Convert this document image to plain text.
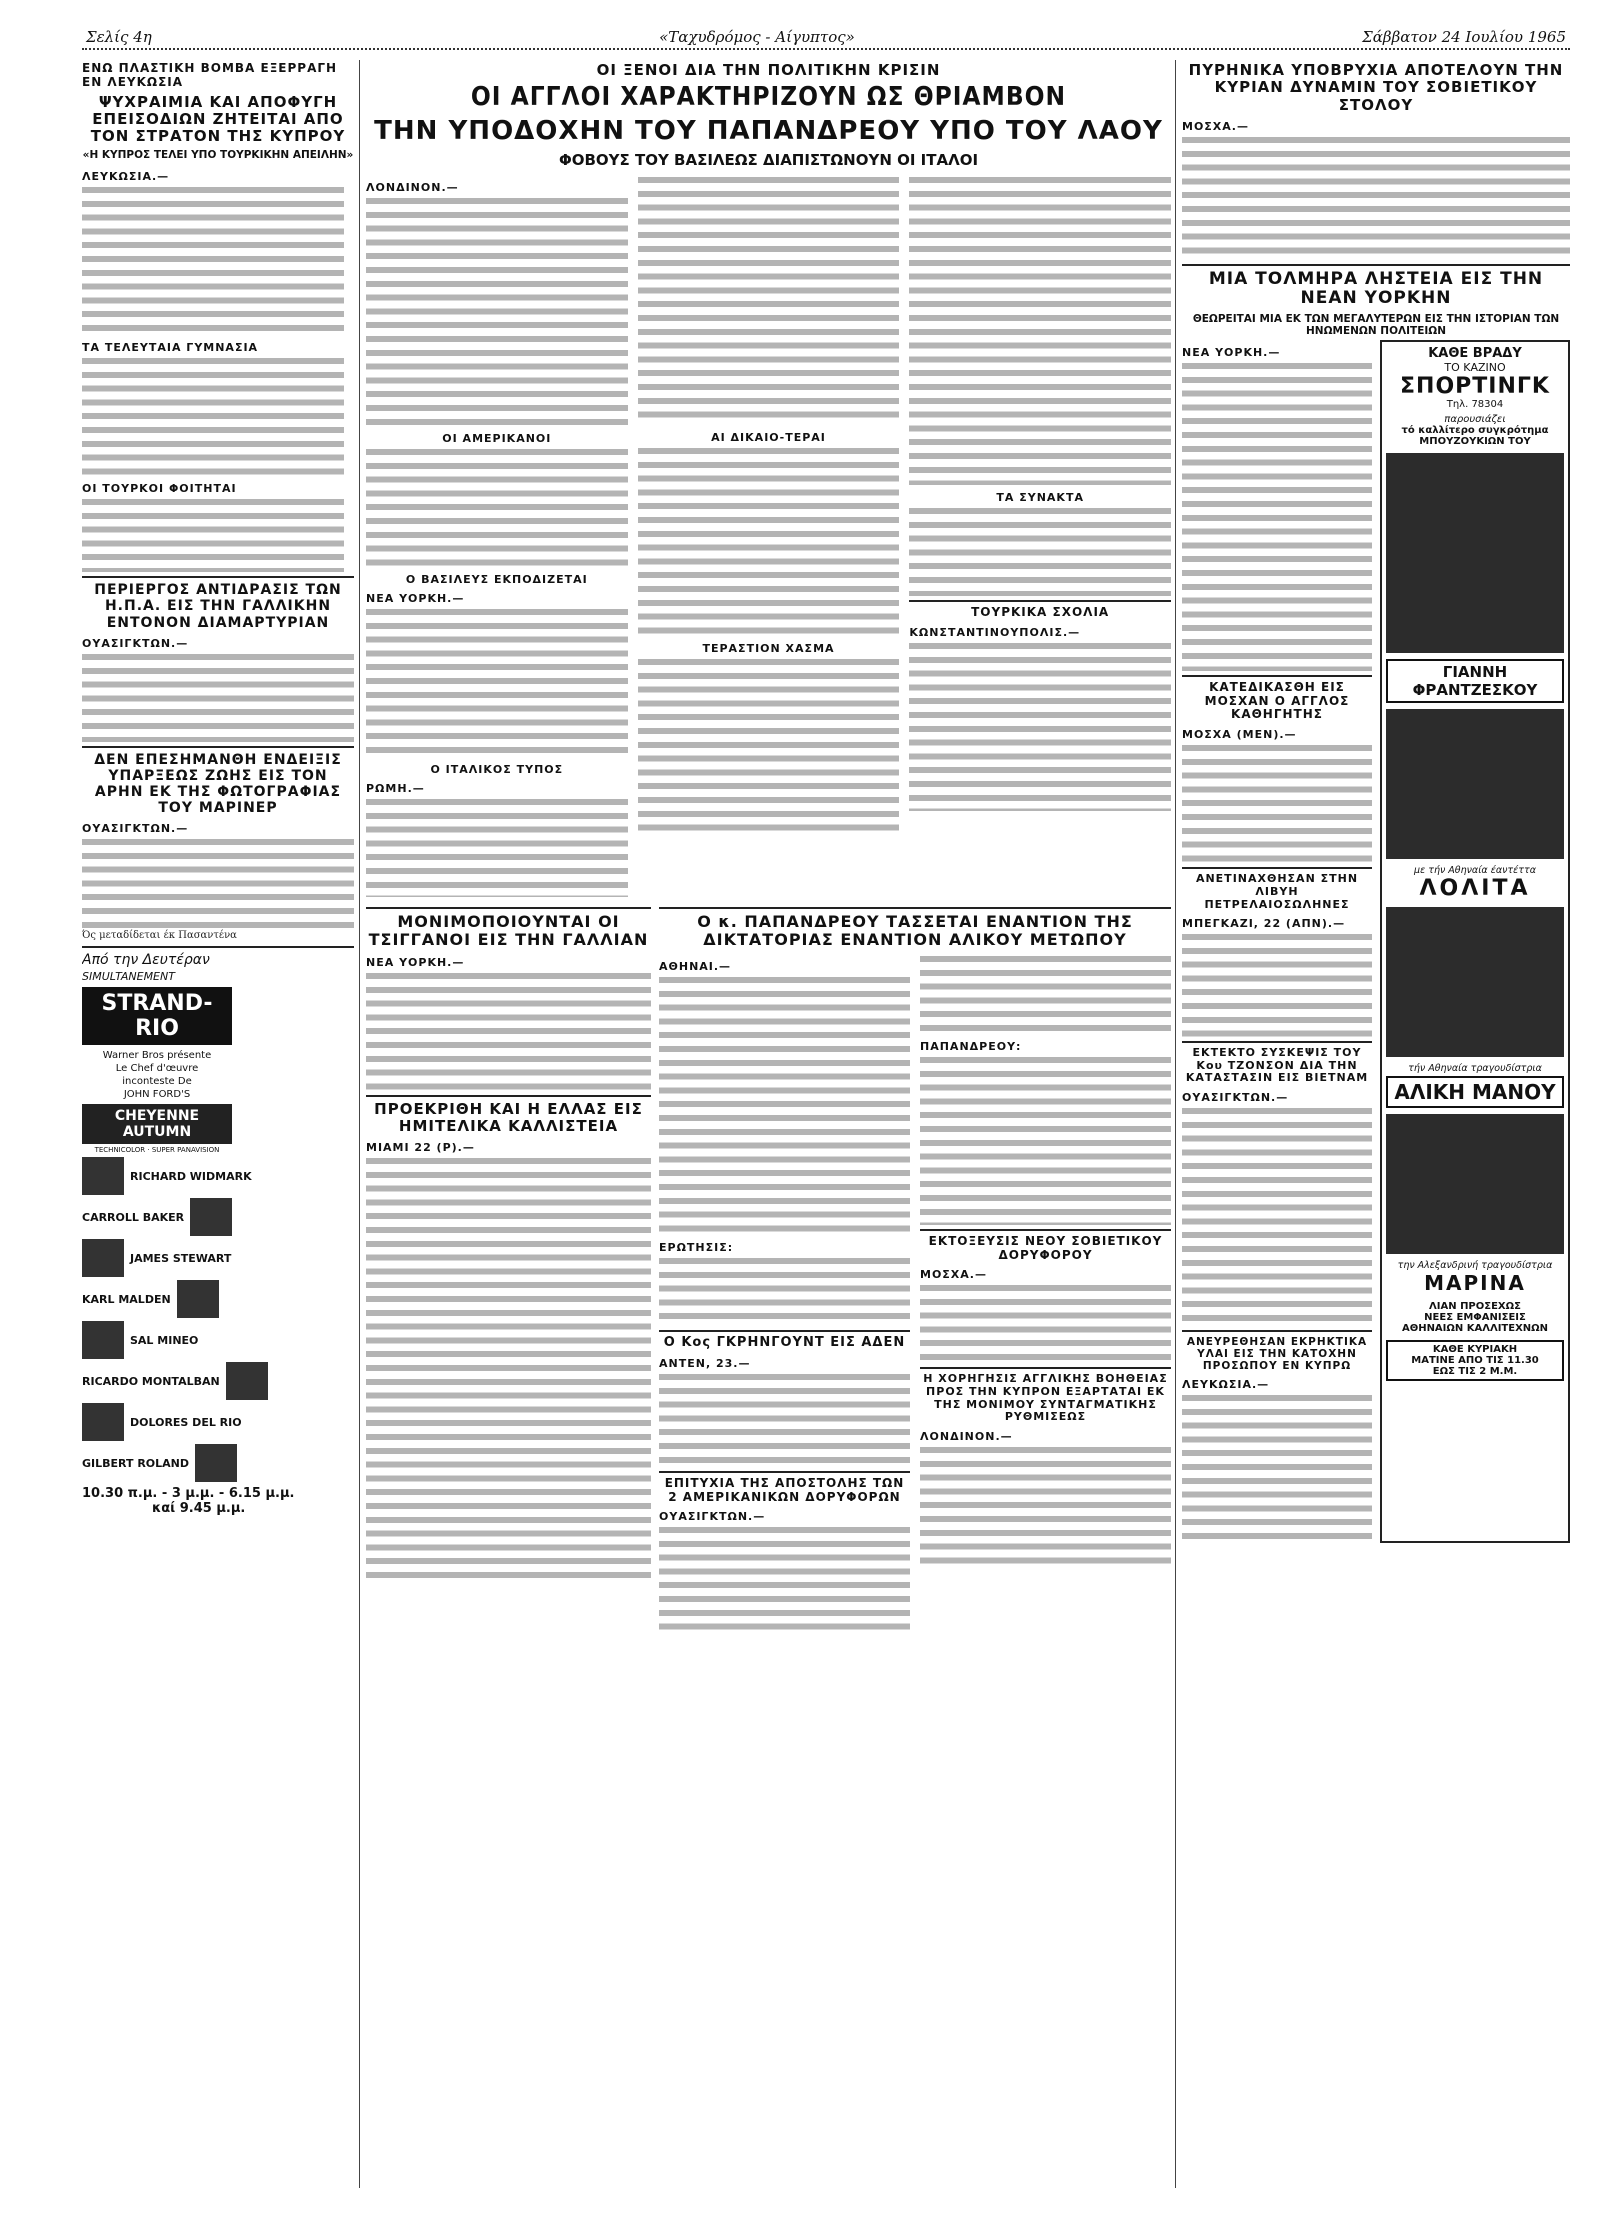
Σελίς 4η	«Ταχυδρόμος - Αίγυπτος»	Σάββατον 24 Ιουλίου 1965
ΕΝΩ ΠΛΑΣΤΙΚΗ ΒΟΜΒΑ ΕΞΕΡΡΑΓΗ ΕΝ ΛΕΥΚΩΣΙΑ
ΨΥΧΡΑΙΜΙΑ ΚΑΙ ΑΠΟΦΥΓΗ ΕΠΕΙΣΟΔΙΩΝ ΖΗΤΕΙΤΑΙ ΑΠΟ ΤΟΝ ΣΤΡΑΤΟΝ ΤΗΣ ΚΥΠΡΟΥ
«Η ΚΥΠΡΟΣ ΤΕΛΕΙ ΥΠΟ ΤΟΥΡΚΙΚΗΝ ΑΠΕΙΛΗΝ»
ΛΕΥΚΩΣΙΑ.—
ΤΑ ΤΕΛΕΥΤΑΙΑ ΓΥΜΝΑΣΙΑ
ΟΙ ΤΟΥΡΚΟΙ ΦΟΙΤΗΤΑΙ
ΠΕΡΙΕΡΓΟΣ ΑΝΤΙΔΡΑΣΙΣ ΤΩΝ Η.Π.Α. ΕΙΣ ΤΗΝ ΓΑΛΛΙΚΗΝ ΕΝΤΟΝΟΝ ΔΙΑΜΑΡΤΥΡΙΑΝ
ΟΥΑΣΙΓΚΤΩΝ.—
ΔΕΝ ΕΠΕΣΗΜΑΝΘΗ ΕΝΔΕΙΞΙΣ ΥΠΑΡΞΕΩΣ ΖΩΗΣ ΕΙΣ ΤΟΝ ΑΡΗΝ ΕΚ ΤΗΣ ΦΩΤΟΓΡΑΦΙΑΣ ΤΟΥ ΜΑΡΙΝΕΡ
ΟΥΑΣΙΓΚΤΩΝ.—
Ός μεταδίδεται έκ Πασαντένα
Από την Δευτέραν
SIMULTANEMENT
STRAND-RIO
Warner Bros présente
Le Chef d'œuvre
inconteste De
JOHN FORD'S
CHEYENNE AUTUMN
TECHNICOLOR · SUPER PANAVISION
RICHARD WIDMARK
CARROLL BAKER
JAMES STEWART
KARL MALDEN
SAL MINEO
RICARDO MONTALBAN
DOLORES DEL RIO
GILBERT ROLAND
10.30 π.μ. - 3 μ.μ. - 6.15 μ.μ.
καί 9.45 μ.μ.
ΟΙ ΞΕΝΟΙ ΔΙΑ ΤΗΝ ΠΟΛΙΤΙΚΗΝ ΚΡΙΣΙΝ
ΟΙ ΑΓΓΛΟΙ ΧΑΡΑΚΤΗΡΙΖΟΥΝ ΩΣ ΘΡΙΑΜΒΟΝ
ΤΗΝ ΥΠΟΔΟΧΗΝ ΤΟΥ ΠΑΠΑΝΔΡΕΟΥ ΥΠΟ ΤΟΥ ΛΑΟΥ
ΦΟΒΟΥΣ ΤΟΥ ΒΑΣΙΛΕΩΣ ΔΙΑΠΙΣΤΩΝΟΥΝ ΟΙ ΙΤΑΛΟΙ
ΛΟΝΔΙΝΟΝ.—
ΟΙ ΑΜΕΡΙΚΑΝΟΙ
Ο ΒΑΣΙΛΕΥΣ ΕΚΠΟΔΙΖΕΤΑΙ
ΝΕΑ ΥΟΡΚΗ.—
Ο ΙΤΑΛΙΚΟΣ ΤΥΠΟΣ
ΡΩΜΗ.—
ΑΙ ΔΙΚΑΙΟ-ΤΕΡΑΙ
ΤΕΡΑΣΤΙΟΝ ΧΑΣΜΑ
ΤΑ ΣΥΝΑΚΤΑ
ΤΟΥΡΚΙΚΑ ΣΧΟΛΙΑ
ΚΩΝΣΤΑΝΤΙΝΟΥΠΟΛΙΣ.—
ΜΟΝΙΜΟΠΟΙΟΥΝΤΑΙ ΟΙ ΤΣΙΓΓΑΝΟΙ ΕΙΣ ΤΗΝ ΓΑΛΛΙΑΝ
ΝΕΑ ΥΟΡΚΗ.—
ΠΡΟΕΚΡΙΘΗ ΚΑΙ Η ΕΛΛΑΣ ΕΙΣ ΗΜΙΤΕΛΙΚΑ ΚΑΛΛΙΣΤΕΙΑ
ΜΙΑΜΙ 22 (Ρ).—
Ο κ. ΠΑΠΑΝΔΡΕΟΥ ΤΑΣΣΕΤΑΙ ΕΝΑΝΤΙΟΝ ΤΗΣ ΔΙΚΤΑΤΟΡΙΑΣ ΕΝΑΝΤΙΟΝ ΑΛΙΚΟΥ ΜΕΤΩΠΟΥ
ΑΘΗΝΑΙ.—
ΕΡΩΤΗΣΙΣ:
Ο Κος ΓΚΡΗΝΓΟΥΝΤ ΕΙΣ ΑΔΕΝ
ΑΝΤΕΝ, 23.—
ΕΠΙΤΥΧΙΑ ΤΗΣ ΑΠΟΣΤΟΛΗΣ ΤΩΝ 2 ΑΜΕΡΙΚΑΝΙΚΩΝ ΔΟΡΥΦΟΡΩΝ
ΟΥΑΣΙΓΚΤΩΝ.—
ΠΑΠΑΝΔΡΕΟΥ:
ΕΚΤΟΞΕΥΣΙΣ ΝΕΟΥ ΣΟΒΙΕΤΙΚΟΥ ΔΟΡΥΦΟΡΟΥ
ΜΟΣΧΑ.—
Η ΧΟΡΗΓΗΣΙΣ ΑΓΓΛΙΚΗΣ ΒΟΗΘΕΙΑΣ ΠΡΟΣ ΤΗΝ ΚΥΠΡΟΝ ΕΞΑΡΤΑΤΑΙ ΕΚ ΤΗΣ ΜΟΝΙΜΟΥ ΣΥΝΤΑΓΜΑΤΙΚΗΣ ΡΥΘΜΙΣΕΩΣ
ΛΟΝΔΙΝΟΝ.—
ΠΥΡΗΝΙΚΑ ΥΠΟΒΡΥΧΙΑ ΑΠΟΤΕΛΟΥΝ ΤΗΝ ΚΥΡΙΑΝ ΔΥΝΑΜΙΝ ΤΟΥ ΣΟΒΙΕΤΙΚΟΥ ΣΤΟΛΟΥ
ΜΟΣΧΑ.—
ΜΙΑ ΤΟΛΜΗΡΑ ΛΗΣΤΕΙΑ ΕΙΣ ΤΗΝ ΝΕΑΝ ΥΟΡΚΗΝ
ΘΕΩΡΕΙΤΑΙ ΜΙΑ ΕΚ ΤΩΝ ΜΕΓΑΛΥΤΕΡΩΝ ΕΙΣ ΤΗΝ ΙΣΤΟΡΙΑΝ ΤΩΝ ΗΝΩΜΕΝΩΝ ΠΟΛΙΤΕΙΩΝ
ΝΕΑ ΥΟΡΚΗ.—
ΚΑΤΕΔΙΚΑΣΘΗ ΕΙΣ ΜΟΣΧΑΝ Ο ΑΓΓΛΟΣ ΚΑΘΗΓΗΤΗΣ
ΜΟΣΧΑ (ΜΕΝ).—
ΑΝΕΤΙΝΑΧΘΗΣΑΝ ΣΤΗΝ ΛΙΒΥΗ ΠΕΤΡΕΛΑΙΟΣΩΛΗΝΕΣ
ΜΠΕΓΚΑΖΙ, 22 (ΑΠΝ).—
ΕΚΤΕΚΤΟ ΣΥΣΚΕΨΙΣ ΤΟΥ Κου ΤΖΟΝΣΟΝ ΔΙΑ ΤΗΝ ΚΑΤΑΣΤΑΣΙΝ ΕΙΣ ΒΙΕΤΝΑΜ
ΟΥΑΣΙΓΚΤΩΝ.—
ΑΝΕΥΡΕΘΗΣΑΝ ΕΚΡΗΚΤΙΚΑ ΥΛΑΙ ΕΙΣ ΤΗΝ ΚΑΤΟΧΗΝ ΠΡΟΣΩΠΟΥ ΕΝ ΚΥΠΡΩ
ΛΕΥΚΩΣΙΑ.—
ΚΑΘΕ ΒΡΑΔΥ
ΤΟ ΚΑΖΙΝΟ
ΣΠΟΡΤΙΝΓΚ
Τηλ. 78304
παρουσιάζει
τό καλλίτερο συγκρότημα ΜΠΟΥΖΟΥΚΙΩΝ ΤΟΥ
ΓΙΑΝΝΗ ΦΡΑΝΤΖΕΣΚΟΥ
με τήν Αθηναία έαντέττα
ΛΟΛΙΤΑ
τήν Αθηναία τραγουδίστρια
ΑΛΙΚΗ ΜΑΝΟΥ
την Αλεξανδρινή τραγουδίστρια
ΜΑΡΙΝΑ
ΛΙΑΝ ΠΡΟΣΕΧΩΣ
ΝΕΕΣ ΕΜΦΑΝΙΣΕΙΣ
ΑΘΗΝΑΙΩΝ ΚΑΛΛΙΤΕΧΝΩΝ
ΚΑΘΕ ΚΥΡΙΑΚΗ
ΜΑΤΙΝΕ ΑΠΟ ΤΙΣ 11.30
ΕΩΣ ΤΙΣ 2 Μ.Μ.
